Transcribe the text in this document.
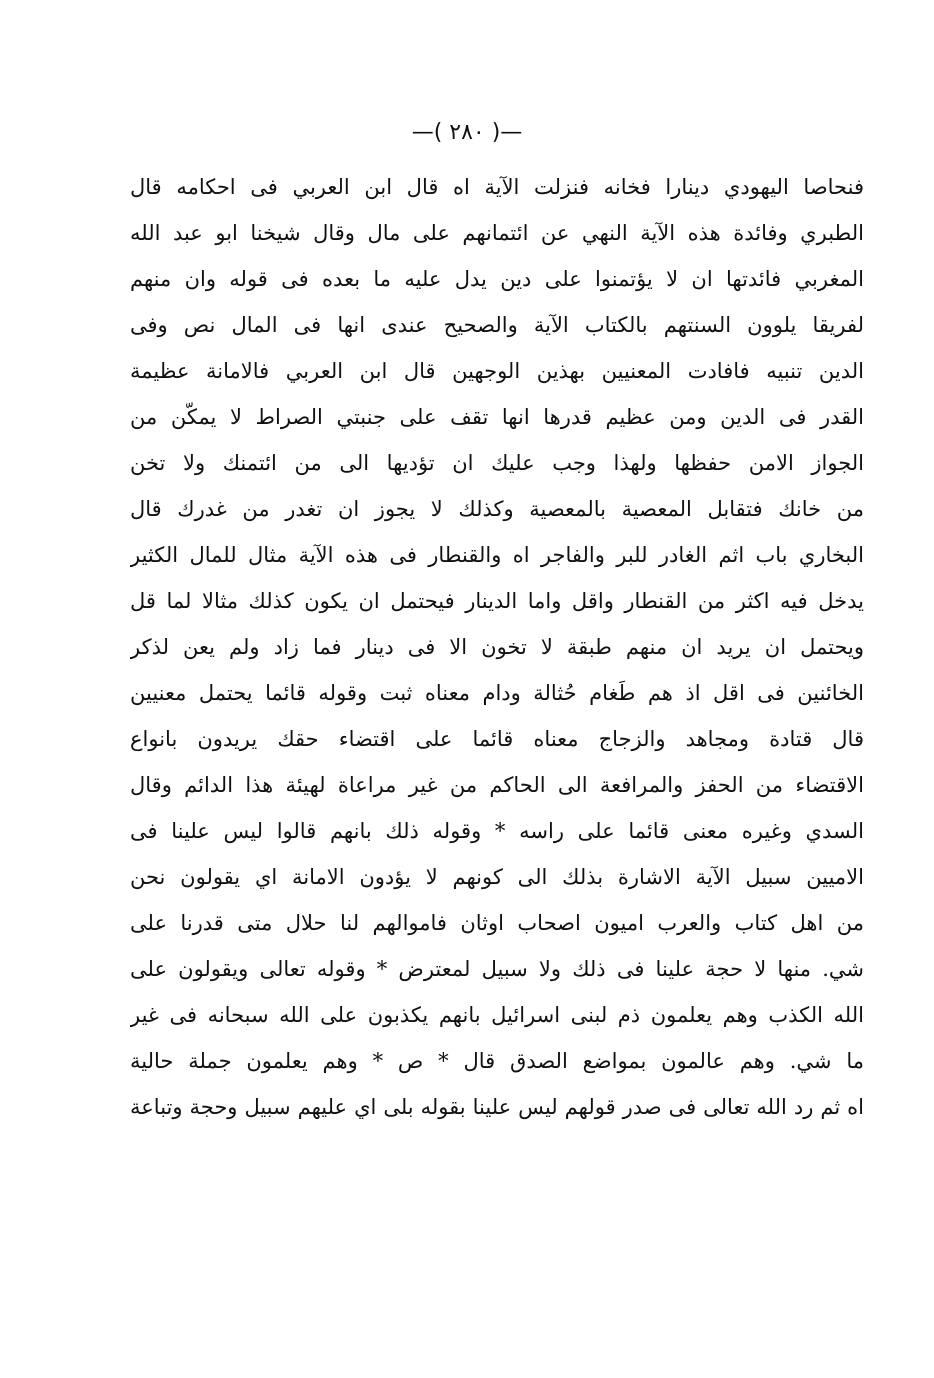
—( ٢٨٠ )—
فنحاصا اليهودي دينارا فخانه فنزلت الآية اه قال ابن العربي فى احكامه قال
الطبري وفائدة هذه الآية النهي عن ائتمانهم على مال وقال شيخنا ابو عبد الله
المغربي فائدتها ان لا يؤتمنوا على دين يدل عليه ما بعده فى قوله وان منهم
لفريقا يلوون السنتهم بالكتاب الآية والصحيح عندى انها فى المال نص وفى
الدين تنبيه فافادت المعنيين بهذين الوجهين قال ابن العربي فالامانة عظيمة
القدر فى الدين ومن عظيم قدرها انها تقف على جنبتي الصراط لا يمكّن من
الجواز الامن حفظها ولهذا وجب عليك ان تؤديها الى من ائتمنك ولا تخن
من خانك فتقابل المعصية بالمعصية وكذلك لا يجوز ان تغدر من غدرك قال
البخاري باب اثم الغادر للبر والفاجر اه والقنطار فى هذه الآية مثال للمال الكثير
يدخل فيه اكثر من القنطار واقل واما الدينار فيحتمل ان يكون كذلك مثالا لما قل
ويحتمل ان يريد ان منهم طبقة لا تخون الا فى دينار فما زاد ولم يعن لذكر
الخائنين فى اقل اذ هم طَغام حُثالة ودام معناه ثبت وقوله قائما يحتمل معنيين
قال قتادة ومجاهد والزجاج معناه قائما على اقتضاء حقك يريدون بانواع
الاقتضاء من الحفز والمرافعة الى الحاكم من غير مراعاة لهيئة هذا الدائم وقال
السدي وغيره معنى قائما على راسه * وقوله ذلك بانهم قالوا ليس علينا فى
الاميين سبيل الآية الاشارة بذلك الى كونهم لا يؤدون الامانة اي يقولون نحن
من اهل كتاب والعرب اميون اصحاب اوثان فاموالهم لنا حلال متى قدرنا على
شي. منها لا حجة علينا فى ذلك ولا سبيل لمعترض * وقوله تعالى ويقولون على
الله الكذب وهم يعلمون ذم لبنى اسرائيل بانهم يكذبون على الله سبحانه فى غير
ما شي. وهم عالمون بمواضع الصدق قال * ص * وهم يعلمون جملة حالية
اه ثم رد الله تعالى فى صدر قولهم ليس علينا بقوله بلى اي عليهم سبيل وحجة وتباعة
